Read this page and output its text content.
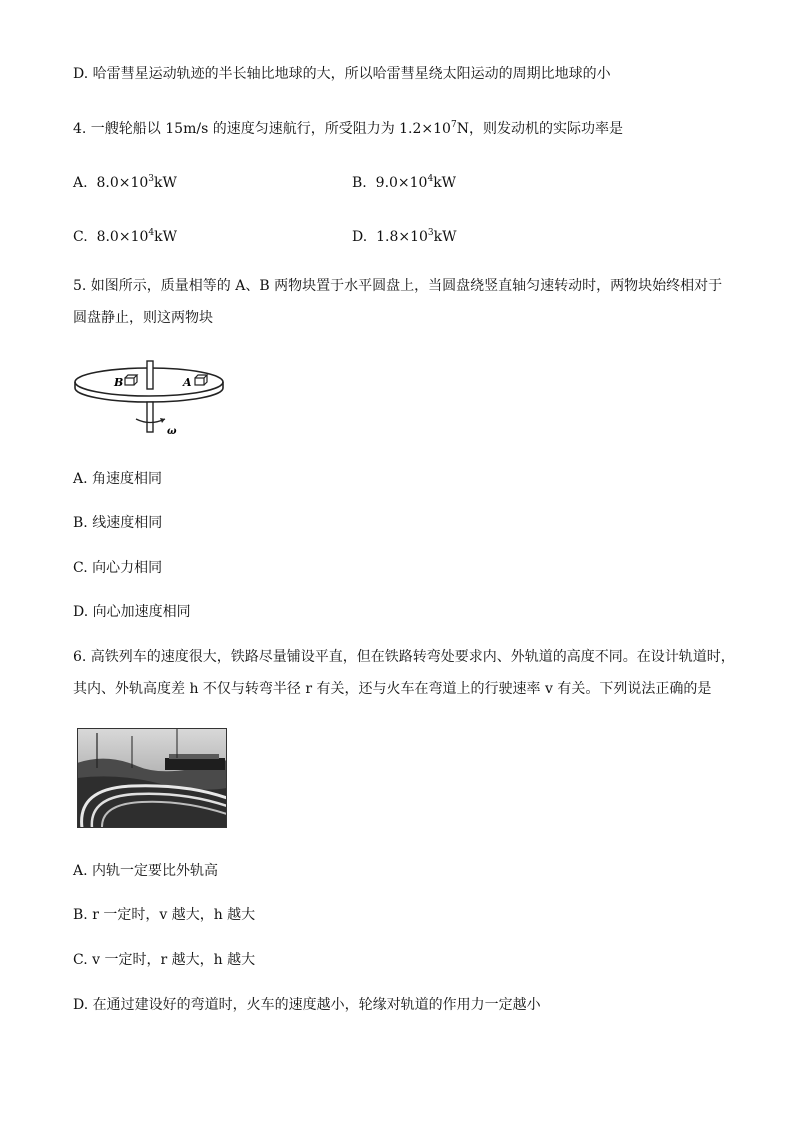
D. 哈雷彗星运动轨迹的半长轴比地球的大，所以哈雷彗星绕太阳运动的周期比地球的小
4. 一艘轮船以 15m/s 的速度匀速航行，所受阻力为 $1.2\times 10^7N$，则发动机的实际功率是
A. $8.0\times 10^3kW$	B. $9.0\times 10^4kW$
C. $8.0\times 10^4kW$	D. $1.8\times 10^3kW$
5. 如图所示，质量相等的 A、B 两物块置于水平圆盘上，当圆盘绕竖直轴匀速转动时，两物块始终相对于
圆盘静止，则这两物块
B	A
ω
A. 角速度相同
B. 线速度相同
C. 向心力相同
D. 向心加速度相同
6. 高铁列车的速度很大，铁路尽量铺设平直，但在铁路转弯处要求内、外轨道的高度不同。在设计轨道时，
其内、外轨高度差 h 不仅与转弯半径 r 有关，还与火车在弯道上的行驶速率 v 有关。下列说法正确的是
A. 内轨一定要比外轨高
B. r 一定时，v 越大，h 越大
C. v 一定时，r 越大，h 越大
D. 在通过建设好的弯道时，火车的速度越小，轮缘对轨道的作用力一定越小
